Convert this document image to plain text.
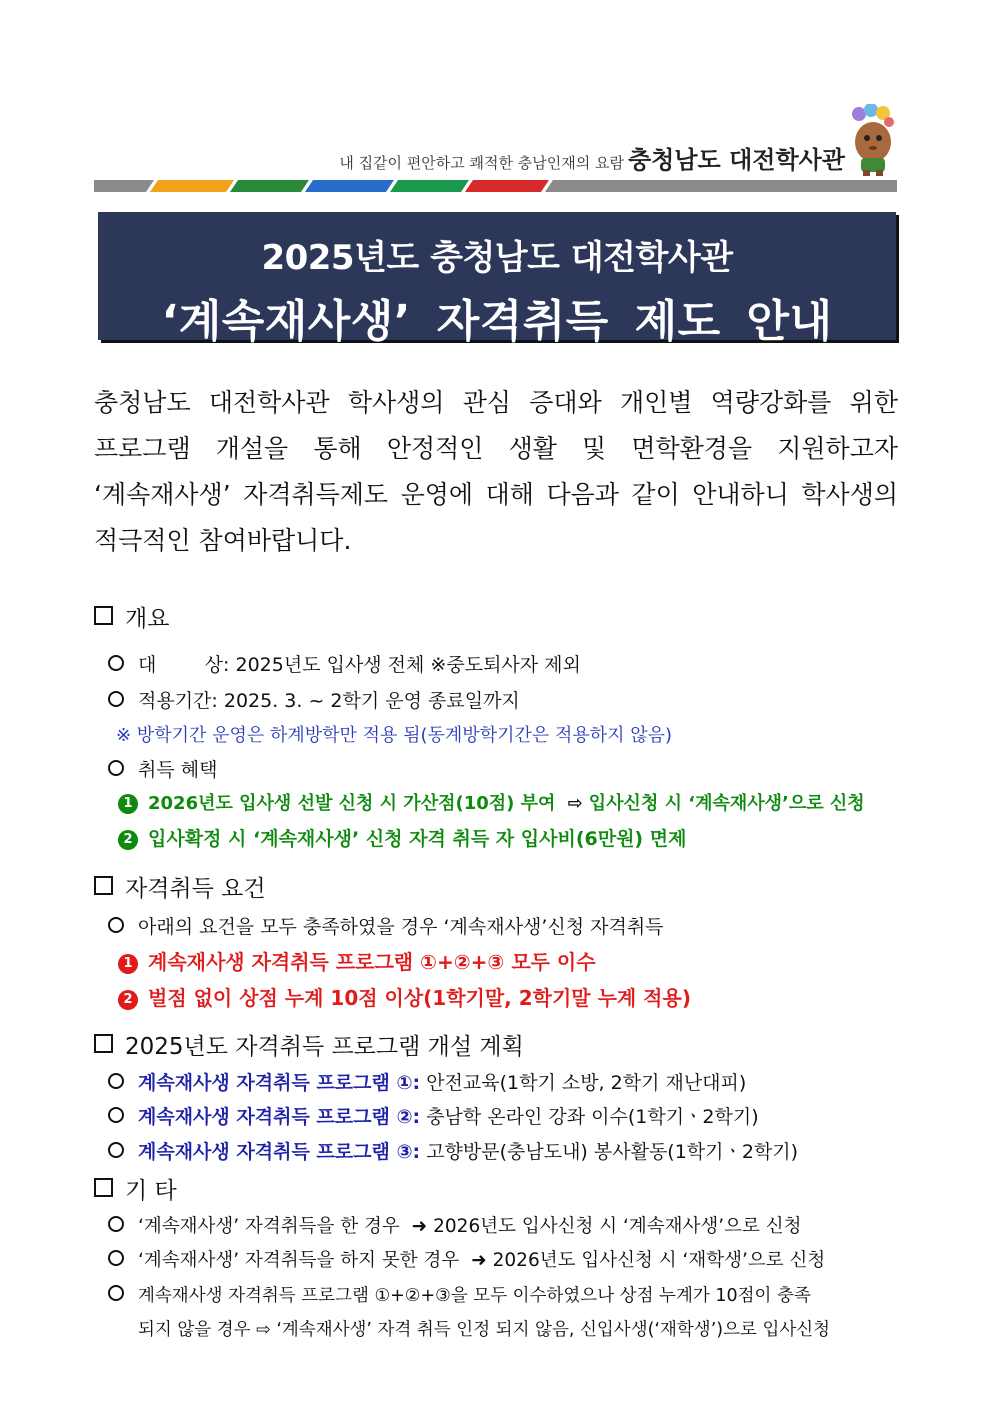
내 집같이 편안하고 쾌적한 충남인재의 요람 충청남도 대전학사관
2025년도 충청남도 대전학사관
‘계속재사생’ 자격취득 제도 안내
충청남도 대전학사관 학사생의 관심 증대와 개인별 역량강화를 위한
프로그램 개설을 통해 안정적인 생활 및 면학환경을 지원하고자
‘계속재사생’ 자격취득제도 운영에 대해 다음과 같이 안내하니 학사생의
적극적인 참여바랍니다.
개요
대        상: 2025년도 입사생 전체 ※중도퇴사자 제외
적용기간: 2025. 3. ~ 2학기 운영 종료일까지
※ 방학기간 운영은 하계방학만 적용 됨(동계방학기간은 적용하지 않음)
취득 혜택
1 2026년도 입사생 선발 신청 시 가산점(10점) 부여 ⇨ 입사신청 시 ‘계속재사생’으로 신청
2 입사확정 시 ‘계속재사생’ 신청 자격 취득 자 입사비(6만원) 면제
자격취득 요건
아래의 요건을 모두 충족하였을 경우 ‘계속재사생’신청 자격취득
1 계속재사생 자격취득 프로그램 ①+②+③ 모두 이수
2 벌점 없이 상점 누계 10점 이상(1학기말, 2학기말 누계 적용)
2025년도 자격취득 프로그램 개설 계획
계속재사생 자격취득 프로그램 ①: 안전교육(1학기 소방, 2학기 재난대피)
계속재사생 자격취득 프로그램 ②: 충남학 온라인 강좌 이수(1학기ㆍ2학기)
계속재사생 자격취득 프로그램 ③: 고향방문(충남도내) 봉사활동(1학기ㆍ2학기)
기 타
‘계속재사생’ 자격취득을 한 경우 ➜ 2026년도 입사신청 시 ‘계속재사생’으로 신청
‘계속재사생’ 자격취득을 하지 못한 경우 ➜ 2026년도 입사신청 시 ‘재학생’으로 신청
계속재사생 자격취득 프로그램 ①+②+③을 모두 이수하였으나 상점 누계가 10점이 충족
되지 않을 경우 ⇨ ‘계속재사생’ 자격 취득 인정 되지 않음, 신입사생(‘재학생’)으로 입사신청
